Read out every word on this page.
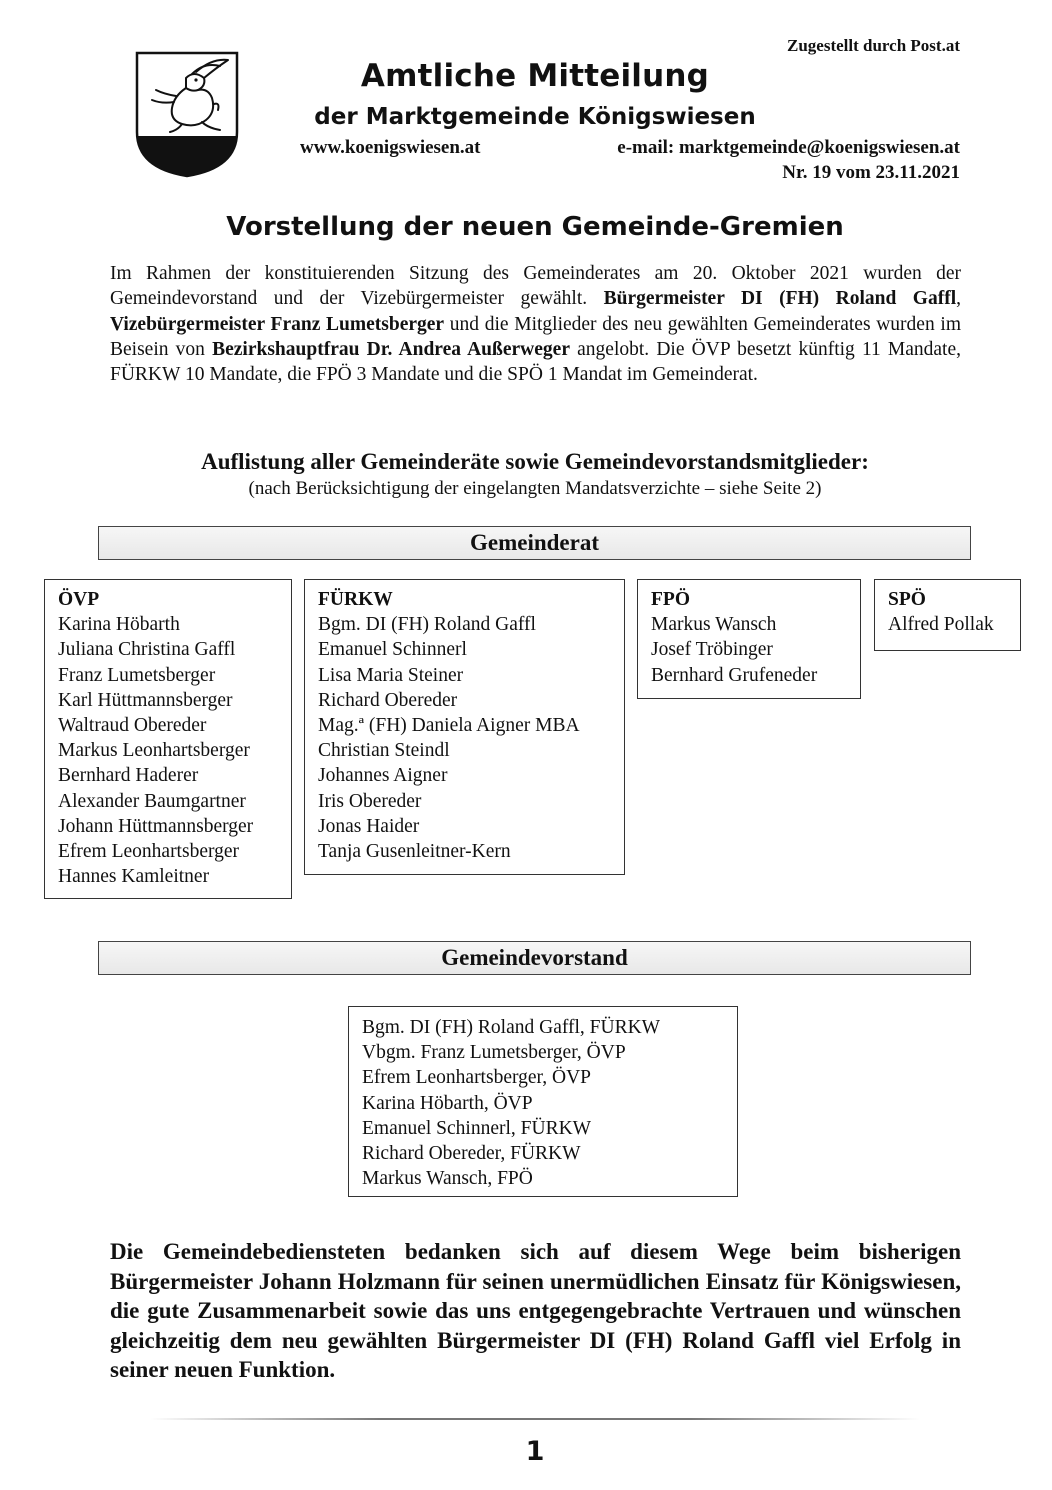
Zugestellt durch Post.at
Amtliche Mitteilung
der Marktgemeinde Königswiesen
www.koenigswiesen.at	e-mail: marktgemeinde@koenigswiesen.at
Nr. 19 vom 23.11.2021
Vorstellung der neuen Gemeinde-Gremien

Im Rahmen der konstituierenden Sitzung des Gemeinderates am 20. Oktober 2021 wurden der Gemeindevorstand und der Vizebürgermeister gewählt. Bürgermeister DI (FH) Roland Gaffl, Vizebürgermeister Franz Lumetsberger und die Mitglieder des neu gewählten Gemeinderates wurden im Beisein von Bezirkshauptfrau Dr. Andrea Außerweger angelobt. Die ÖVP besetzt künftig 11 Mandate, FÜRKW 10 Mandate, die FPÖ 3 Mandate und die SPÖ 1 Mandat im Gemeinderat.

Auflistung aller Gemeinderäte sowie Gemeindevorstandsmitglieder:
(nach Berücksichtigung der eingelangten Mandatsverzichte – siehe Seite 2)
Gemeinderat
ÖVP
Karina Höbarth
Juliana Christina Gaffl
Franz Lumetsberger
Karl Hüttmannsberger
Waltraud Obereder
Markus Leonhartsberger
Bernhard Haderer
Alexander Baumgartner
Johann Hüttmannsberger
Efrem Leonhartsberger
Hannes Kamleitner
FÜRKW
Bgm. DI (FH) Roland Gaffl
Emanuel Schinnerl
Lisa Maria Steiner
Richard Obereder
Mag.ª (FH) Daniela Aigner MBA
Christian Steindl
Johannes Aigner
Iris Obereder
Jonas Haider
Tanja Gusenleitner-Kern
FPÖ
Markus Wansch
Josef Tröbinger
Bernhard Grufeneder
SPÖ
Alfred Pollak
Gemeindevorstand
Bgm. DI (FH) Roland Gaffl, FÜRKW
Vbgm. Franz Lumetsberger, ÖVP
Efrem Leonhartsberger, ÖVP
Karina Höbarth, ÖVP
Emanuel Schinnerl, FÜRKW
Richard Obereder, FÜRKW
Markus Wansch, FPÖ

Die Gemeindebediensteten bedanken sich auf diesem Wege beim bisherigen Bürgermeister Johann Holzmann für seinen unermüdlichen Einsatz für Königswiesen, die gute Zusammenarbeit sowie das uns entgegengebrachte Vertrauen und wünschen gleichzeitig dem neu gewählten Bürgermeister DI (FH) Roland Gaffl viel Erfolg in seiner neuen Funktion.

1
